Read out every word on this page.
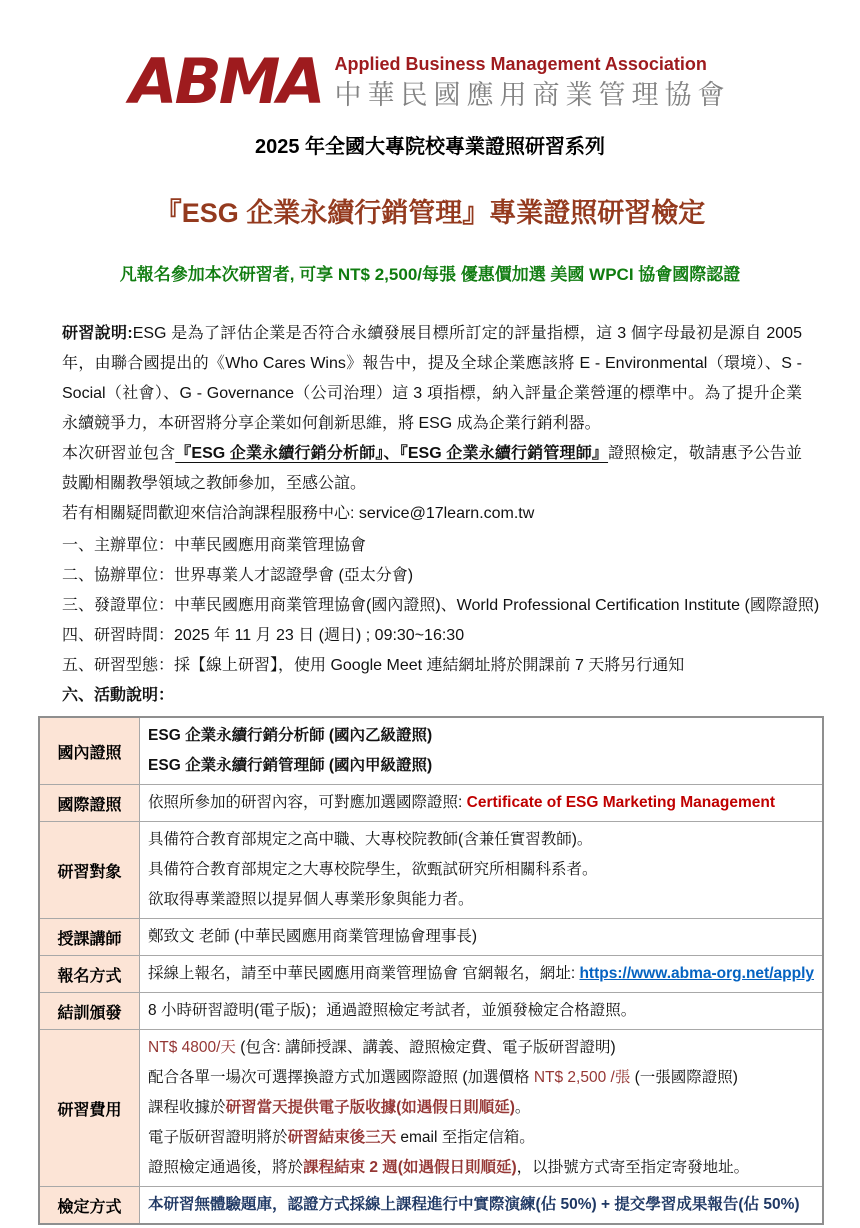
ABMA Applied Business Management Association
中華民國應用商業管理協會
2025 年全國大專院校專業證照研習系列
『ESG 企業永續行銷管理』專業證照研習檢定
凡報名參加本次研習者, 可享 NT$ 2,500/每張 優惠價加選 美國 WPCI 協會國際認證

研習說明:ESG 是為了評估企業是否符合永續發展目標所訂定的評量指標，這 3 個字母最初是源自 2005 年，由聯合國提出的《Who Cares Wins》報告中，提及全球企業應該將 E - Environmental（環境）、S - Social（社會）、G - Governance（公司治理）這 3 項指標，納入評量企業營運的標準中。為了提升企業永續競爭力，本研習將分享企業如何創新思維，將 ESG 成為企業行銷利器。

本次研習並包含『ESG 企業永續行銷分析師』、『ESG 企業永續行銷管理師』證照檢定，敬請惠予公告並鼓勵相關教學領域之教師參加，至感公誼。

若有相關疑問歡迎來信洽詢課程服務中心: service@17learn.com.tw

一、主辦單位：中華民國應用商業管理協會

二、協辦單位：世界專業人才認證學會 (亞太分會)

三、發證單位：中華民國應用商業管理協會(國內證照)、World Professional Certification Institute (國際證照)

四、研習時間：2025 年 11 月 23 日 (週日) ; 09:30~16:30

五、研習型態：採【線上研習】，使用 Google Meet 連結網址將於開課前 7 天將另行通知

六、活動說明：

國內證照	ESG 企業永續行銷分析師 (國內乙級證照)
ESG 企業永續行銷管理師 (國內甲級證照)

國際證照	依照所參加的研習內容，可對應加選國際證照: Certificate of ESG Marketing Management
研習對象	具備符合教育部規定之高中職、大專校院教師(含兼任實習教師)。
具備符合教育部規定之大專校院學生，欲甄試研究所相關科系者。
欲取得專業證照以提昇個人專業形象與能力者。

授課講師	鄭致文 老師 (中華民國應用商業管理協會理事長)
報名方式	採線上報名，請至中華民國應用商業管理協會 官網報名，網址: https://www.abma-org.net/apply
結訓頒發	8 小時研習證明(電子版)；通過證照檢定考試者，並頒發檢定合格證照。
研習費用	NT$ 4800/天 (包含: 講師授課、講義、證照檢定費、電子版研習證明)
配合各單一場次可選擇換證方式加選國際證照 (加選價格 NT$ 2,500 /張 (一張國際證照)
課程收據於研習當天提供電子版收據(如遇假日則順延)。
電子版研習證明將於研習結束後三天 email 至指定信箱。
證照檢定通過後，將於課程結束 2 週(如遇假日則順延)，以掛號方式寄至指定寄發地址。

檢定方式	本研習無體驗題庫，認證方式採線上課程進行中實際演練(佔 50%) + 提交學習成果報告(佔 50%)
